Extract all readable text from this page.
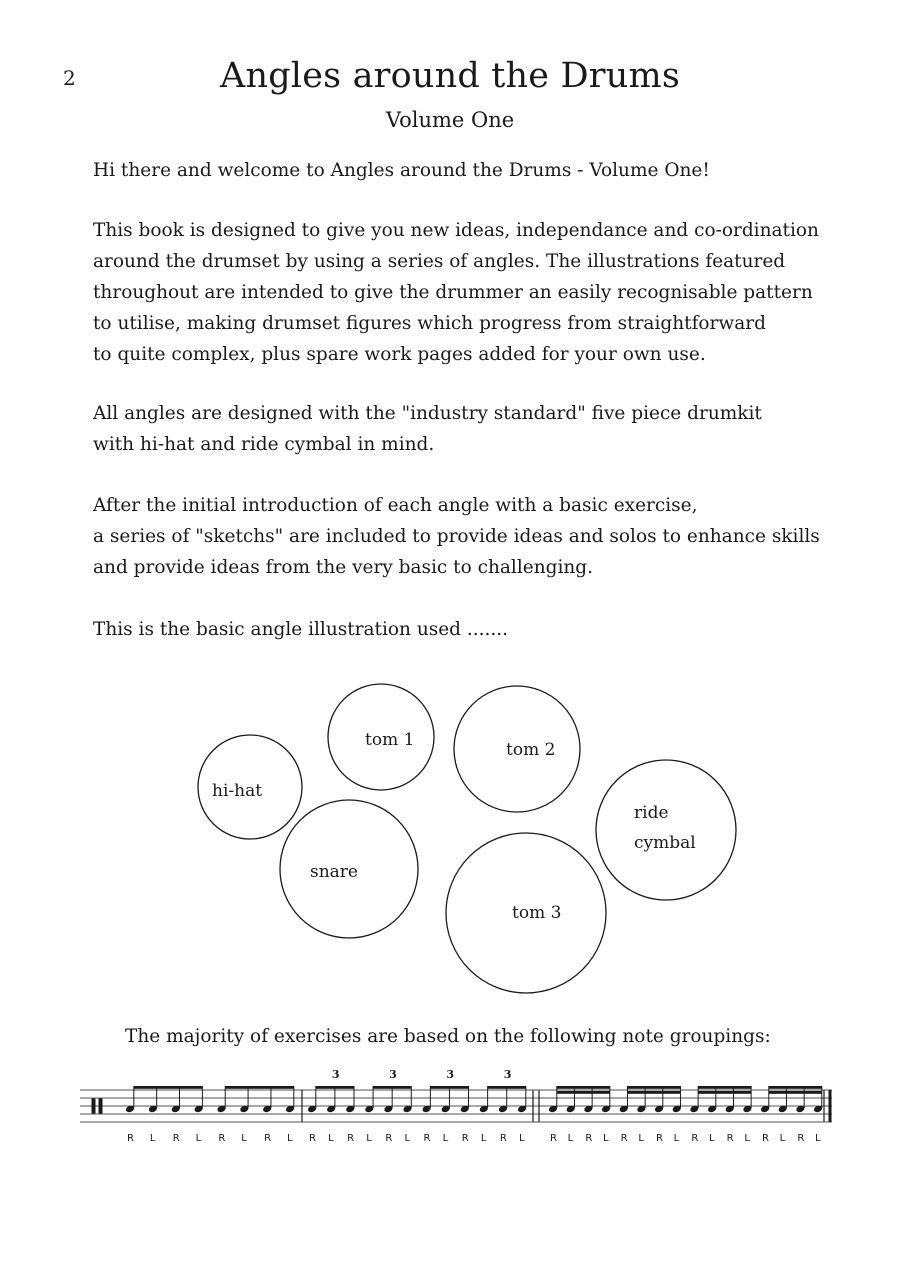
2	Angles around the Drums
Volume One

Hi there and welcome to Angles around the Drums - Volume One!

This book is designed to give you new ideas, independance and co-ordination
around the drumset by using a series of angles. The illustrations featured
throughout are intended to give the drummer an easily recognisable pattern
to utilise, making drumset figures which progress from straightforward
to quite complex, plus spare work pages added for your own use.

All angles are designed with the "industry standard" five piece drumkit
with hi-hat and ride cymbal in mind.

After the initial introduction of each angle with a basic exercise,
a series of "sketchs" are included to provide ideas and solos to enhance skills
and provide ideas from the very basic to challenging.

This is the basic angle illustration used .......

hi-hat
tom 1	tom 2
ride
cymbal
snare
tom 3
The majority of exercises are based on the following note groupings:
3	3	3	3
R L R L R L R L R L R L R L R L R L R L	R L R L R L R L R L R L R L R L
